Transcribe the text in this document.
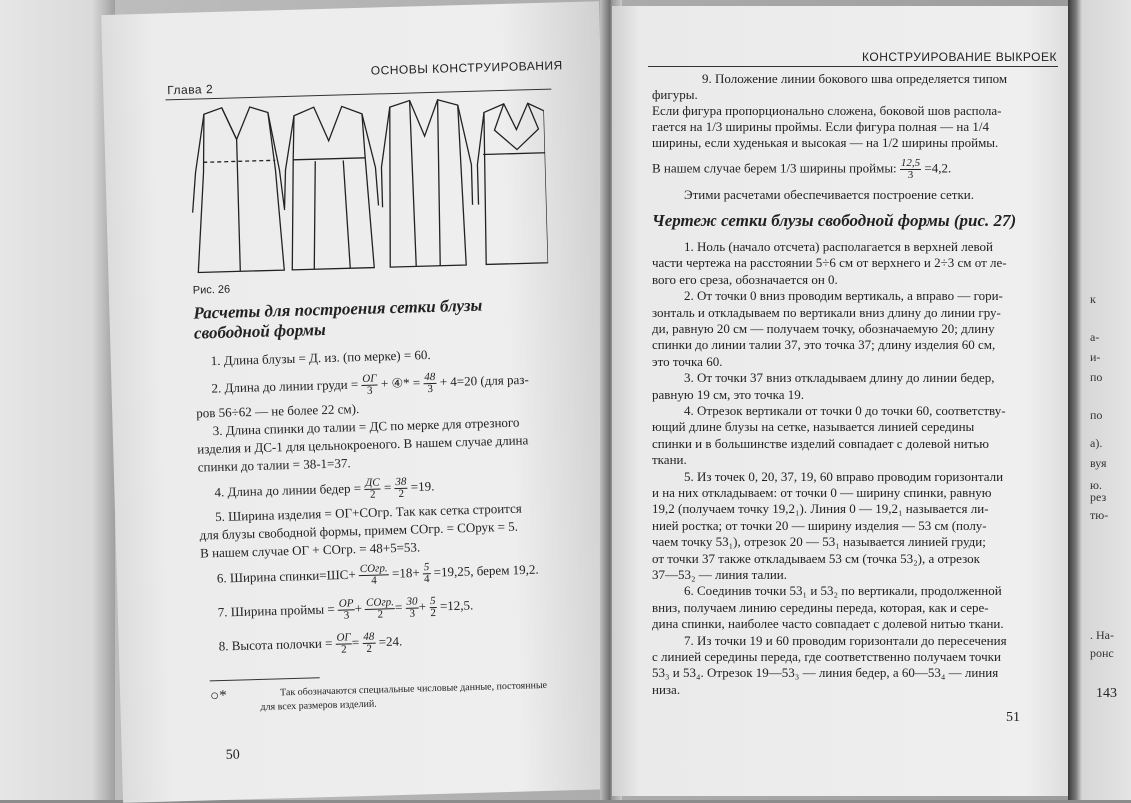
Глава 2
ОСНОВЫ КОНСТРУИРОВАНИЯ
Рис. 26
Расчеты для построения сетки блузы
свободной формы
1. Длина блузы = Д. из. (по мерке) = 60.
2. Длина до линии груди = $\frac{ОГ}{3}$ + ④* = $\frac{48}{3} + 4=20$ (для раз-
ров 56÷62 — не более 22 см).
3. Длина спинки до талии = ДС по мерке для отрезного
изделия и ДС-1 для цельнокроеного. В нашем случае длина
спинки до талии = 38-1=37.
4. Длина до линии бедер = $\frac{ДС}{2} = \frac{38}{2} =19$.
5. Ширина изделия = ОГ+СОгр. Так как сетка строится
для блузы свободной формы, примем СОгр. = СОрук = 5.
В нашем случае ОГ + СОгр. = 48+5=53.
6. Ширина спинки=ШС+ $\frac{\text{СОгр.}}{4} =18+ \frac{5}{4} =19,25$, берем 19,2.
7. Ширина проймы = $\frac{ОР}{3} + \frac{\text{СОгр.}}{2} = \frac{30}{3} + \frac{5}{2} =12,5$.
8. Высота полочки = $\frac{ОГ}{2} = \frac{48}{2} =24$.
○*	Так обозначаются специальные числовые данные, постоянные
для всех размеров изделий.
50
КОНСТРУИРОВАНИЕ ВЫКРОЕК
9. Положение линии бокового шва определяется типом
фигуры.
Если фигура пропорционально сложена, боковой шов распола-
гается на 1/3 ширины проймы. Если фигура полная — на 1/4
ширины, если худенькая и высокая — на 1/2 ширины проймы.
В нашем случае берем 1/3 ширины проймы: $\frac{12,5}{3} =4,2$.
Этими расчетами обеспечивается построение сетки.
Чертеж сетки блузы свободной формы (рис. 27)
1. Ноль (начало отсчета) располагается в верхней левой
части чертежа на расстоянии 5÷6 см от верхнего и 2÷3 см от ле-
вого его среза, обозначается он 0.
2. От точки 0 вниз проводим вертикаль, а вправо — гори-
зонталь и откладываем по вертикали вниз длину до линии гру-
ди, равную 20 см — получаем точку, обозначаемую 20; длину
спинки до линии талии 37, это точка 37; длину изделия 60 см,
это точка 60.
3. От точки 37 вниз откладываем длину до линии бедер,
равную 19 см, это точка 19.
4. Отрезок вертикали от точки 0 до точки 60, соответству-
ющий длине блузы на сетке, называется линией середины
спинки и в большинстве изделий совпадает с долевой нитью
ткани.
5. Из точек 0, 20, 37, 19, 60 вправо проводим горизонтали
и на них откладываем: от точки 0 — ширину спинки, равную
19,2 (получаем точку 19,2₁). Линия 0 — 19,2₁ называется ли-
нией ростка; от точки 20 — ширину изделия — 53 см (полу-
чаем точку 53₁), отрезок 20 — 53₁ называется линией груди;
от точки 37 также откладываем 53 см (точка 53₂), а отрезок
37—53₂ — линия талии.
6. Соединив точки 53₁ и 53₂ по вертикали, продолженной
вниз, получаем линию середины переда, которая, как и сере-
дина спинки, наиболее часто совпадает с долевой нитью ткани.
7. Из точки 19 и 60 проводим горизонтали до пересечения
с линией середины переда, где соответственно получаем точки
53₃ и 53₄. Отрезок 19—53₃ — линия бедер, а 60—53₄ — линия
низа.
51
к
а-
и-
по
по
а).
вуя
ю.
рез
тю-
. На-
ронс
143
